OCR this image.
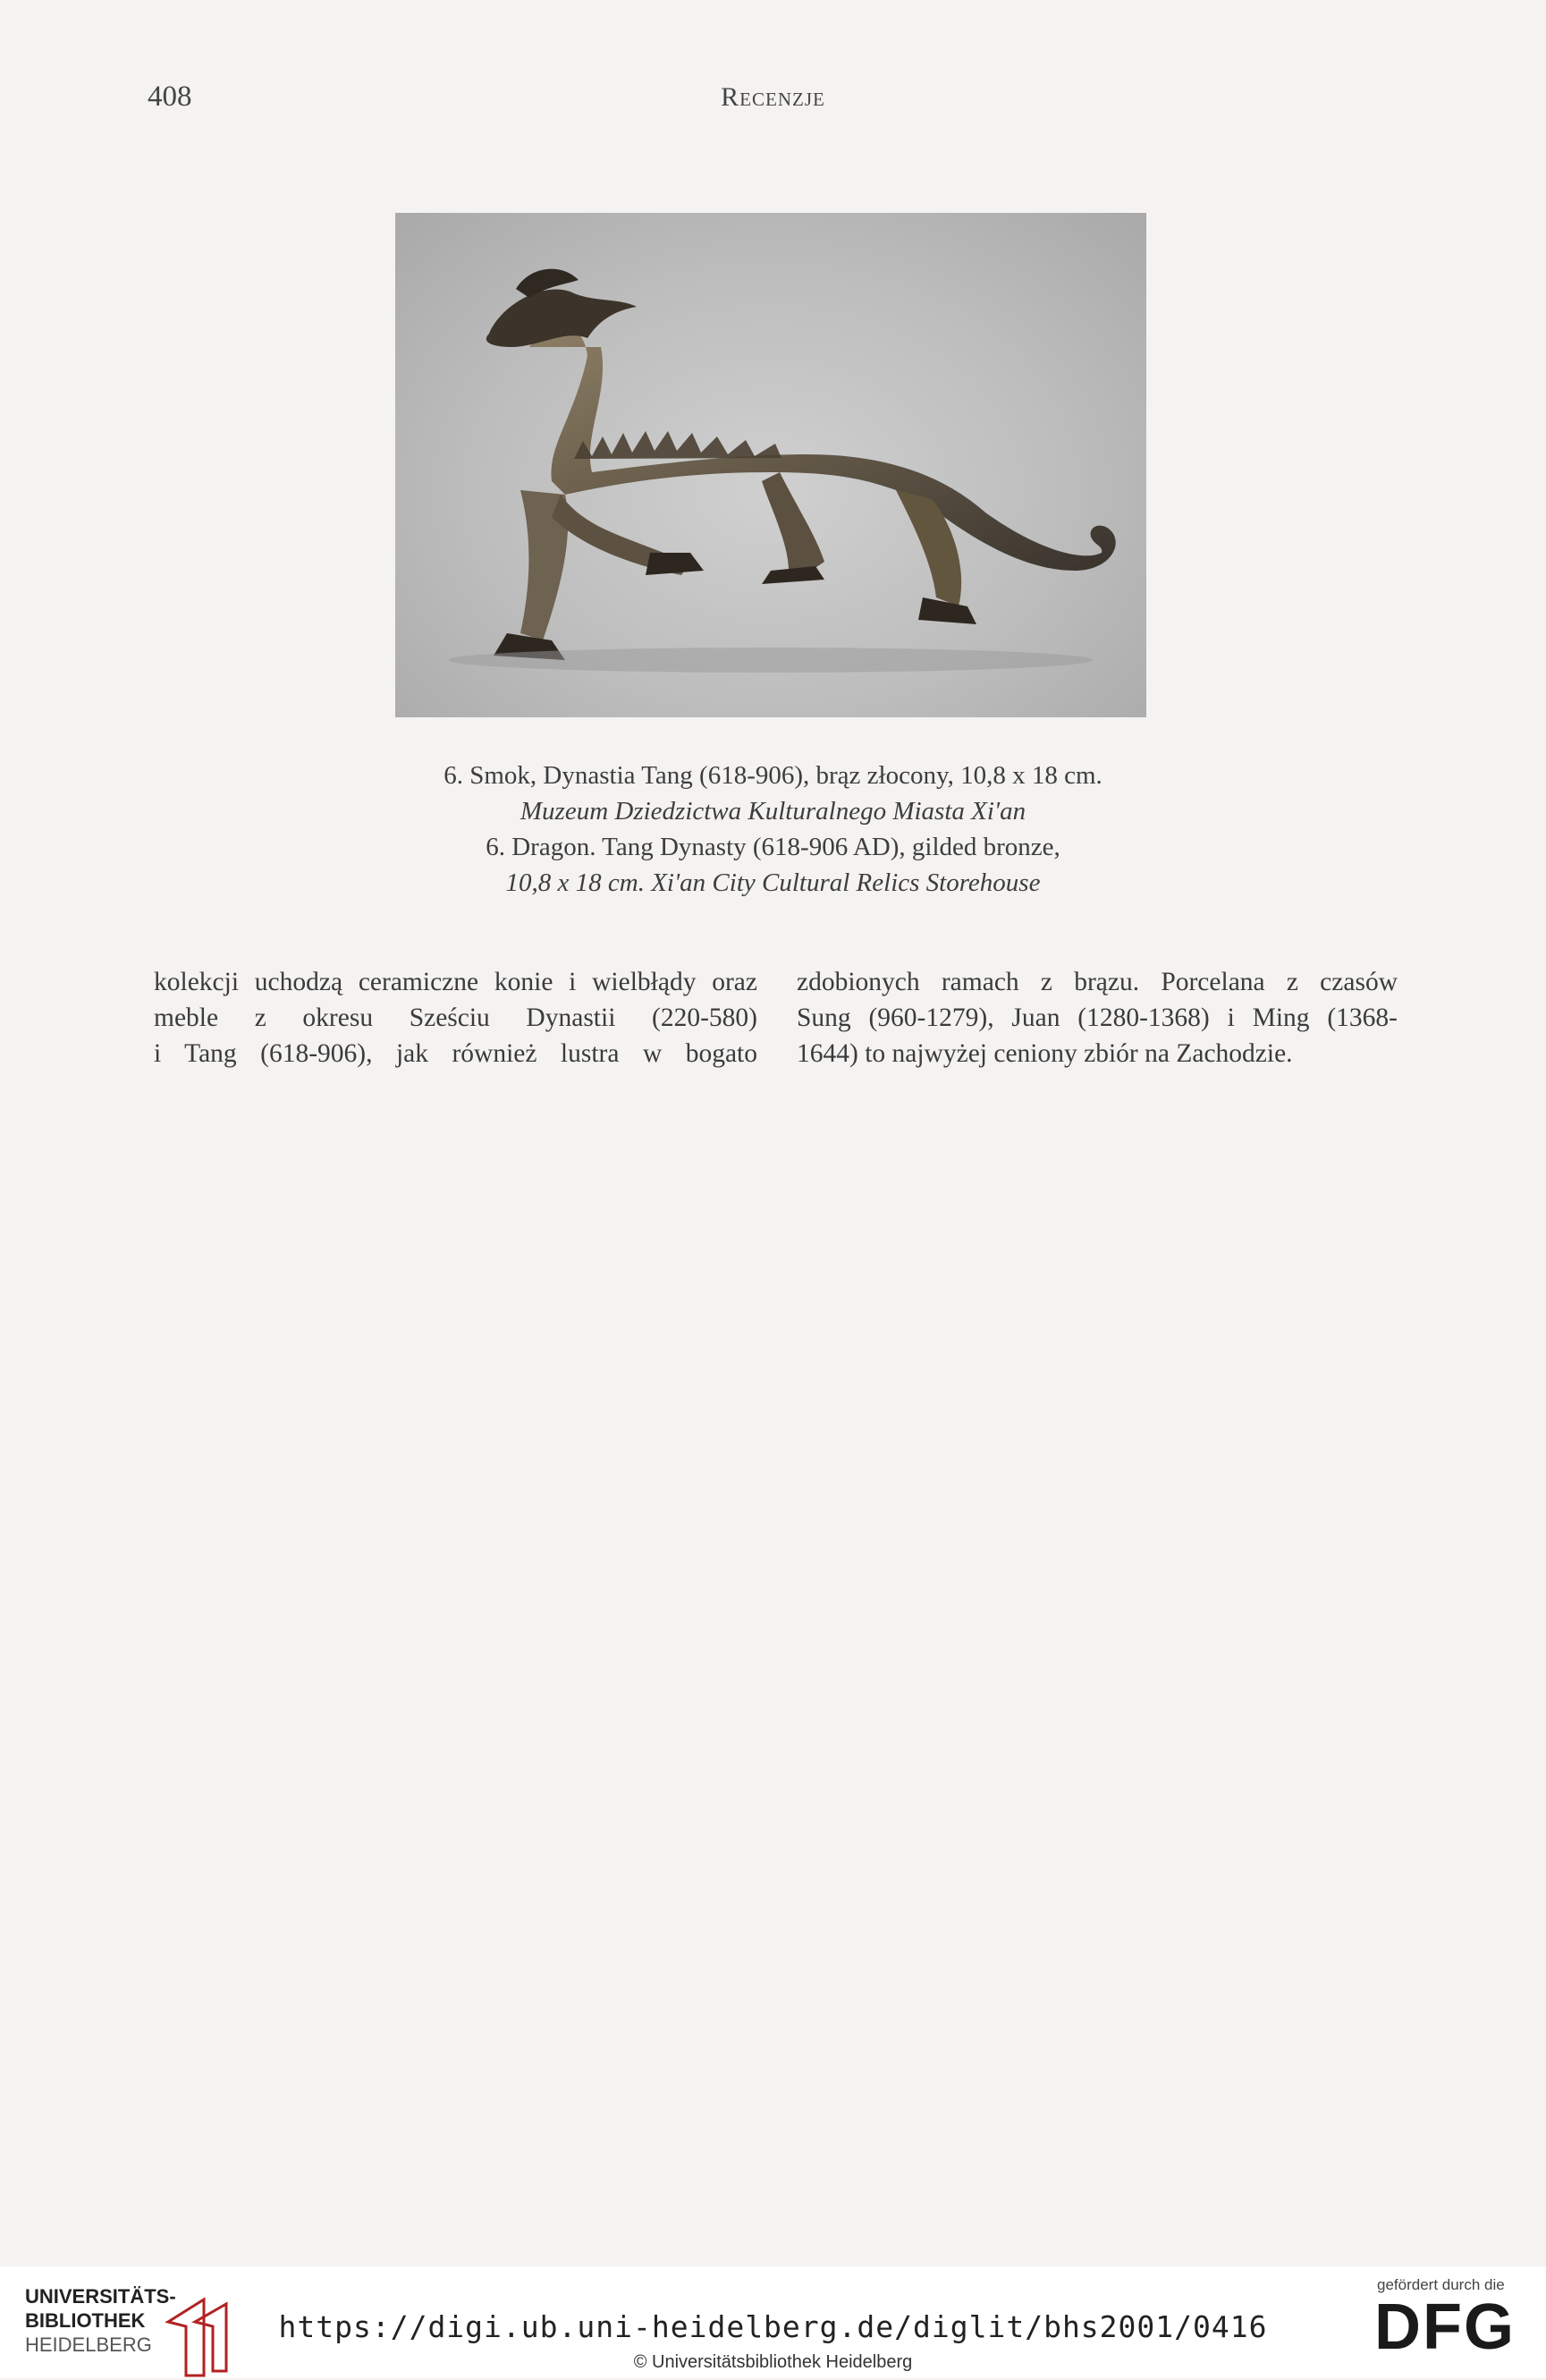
408	Recenzje
6. Smok, Dynastia Tang (618-906), brąz złocony, 10,8 x 18 cm.
Muzeum Dziedzictwa Kulturalnego Miasta Xi'an
6. Dragon. Tang Dynasty (618-906 AD), gilded bronze,
10,8 x 18 cm. Xi'an City Cultural Relics Storehouse
kolekcji uchodzą ceramiczne konie i wielbłądy oraz
meble z okresu Sześciu Dynastii (220-580)
i Tang (618-906), jak również lustra w bogato
zdobionych ramach z brązu. Porcelana z czasów
Sung (960-1279), Juan (1280-1368) i Ming (1368-
1644) to najwyżej ceniony zbiór na Zachodzie.
UNIVERSITÄTS-
BIBLIOTHEK
HEIDELBERG
https://digi.ub.uni-heidelberg.de/diglit/bhs2001/0416
© Universitätsbibliothek Heidelberg
gefördert durch die
DFG
